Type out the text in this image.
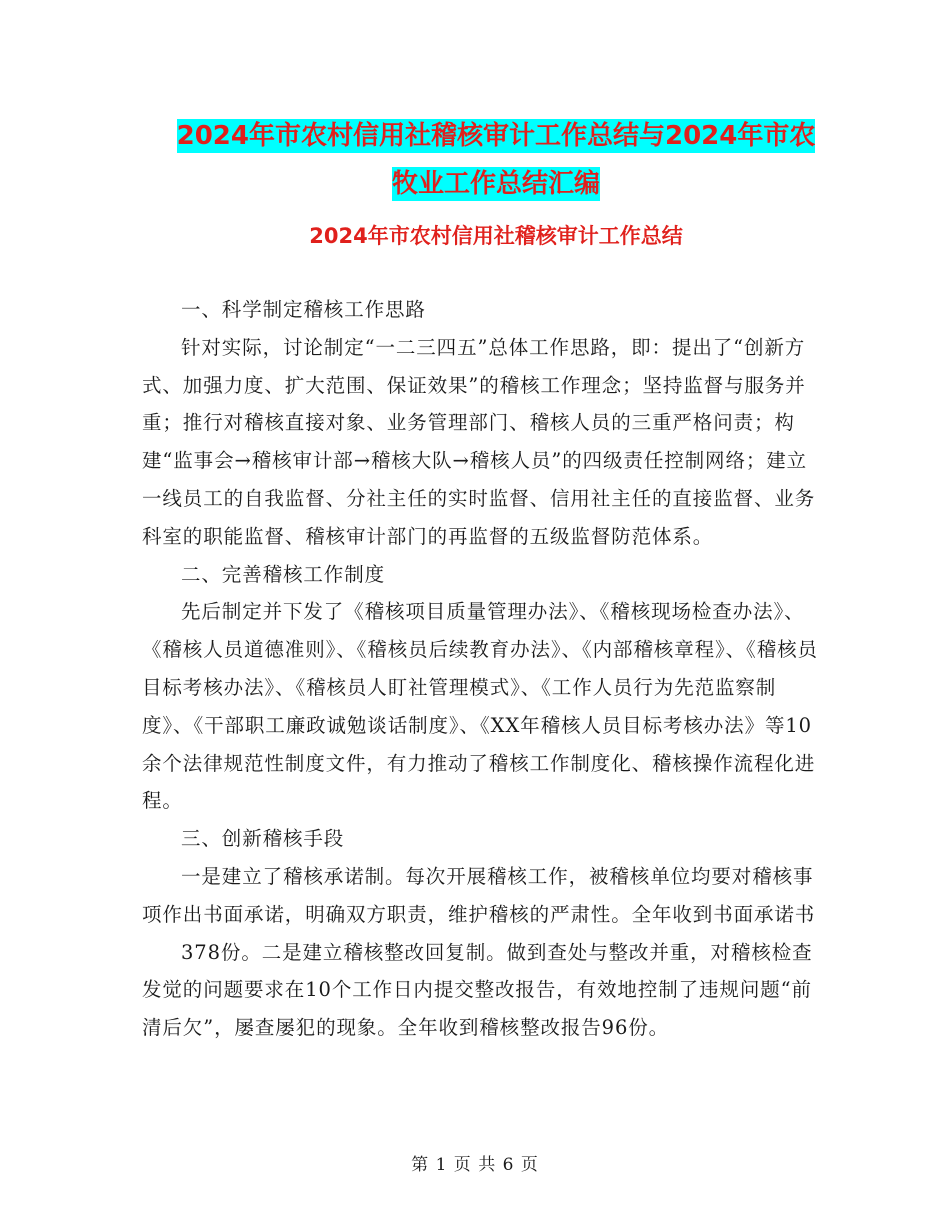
2024年市农村信用社稽核审计工作总结与2024年市农
牧业工作总结汇编
2024年市农村信用社稽核审计工作总结

一、科学制定稽核工作思路

针对实际，讨论制定“一二三四五”总体工作思路，即：提出了“创新方式、加强力度、扩大范围、保证效果”的稽核工作理念；坚持监督与服务并重；推行对稽核直接对象、业务管理部门、稽核人员的三重严格问责；构建“监事会→稽核审计部→稽核大队→稽核人员”的四级责任控制网络；建立一线员工的自我监督、分社主任的实时监督、信用社主任的直接监督、业务科室的职能监督、稽核审计部门的再监督的五级监督防范体系。

二、完善稽核工作制度

先后制定并下发了《稽核项目质量管理办法》、《稽核现场检查办法》、《稽核人员道德准则》、《稽核员后续教育办法》、《内部稽核章程》、《稽核员目标考核办法》、《稽核员人盯社管理模式》、《工作人员行为先范监察制度》、《干部职工廉政诚勉谈话制度》、《XX年稽核人员目标考核办法》等10余个法律规范性制度文件，有力推动了稽核工作制度化、稽核操作流程化进程。

三、创新稽核手段

一是建立了稽核承诺制。每次开展稽核工作，被稽核单位均要对稽核事项作出书面承诺，明确双方职责，维护稽核的严肃性。全年收到书面承诺书

378份。二是建立稽核整改回复制。做到查处与整改并重，对稽核检查发觉的问题要求在10个工作日内提交整改报告，有效地控制了违规问题“前清后欠”，屡查屡犯的现象。全年收到稽核整改报告96份。

第 1 页 共 6 页
